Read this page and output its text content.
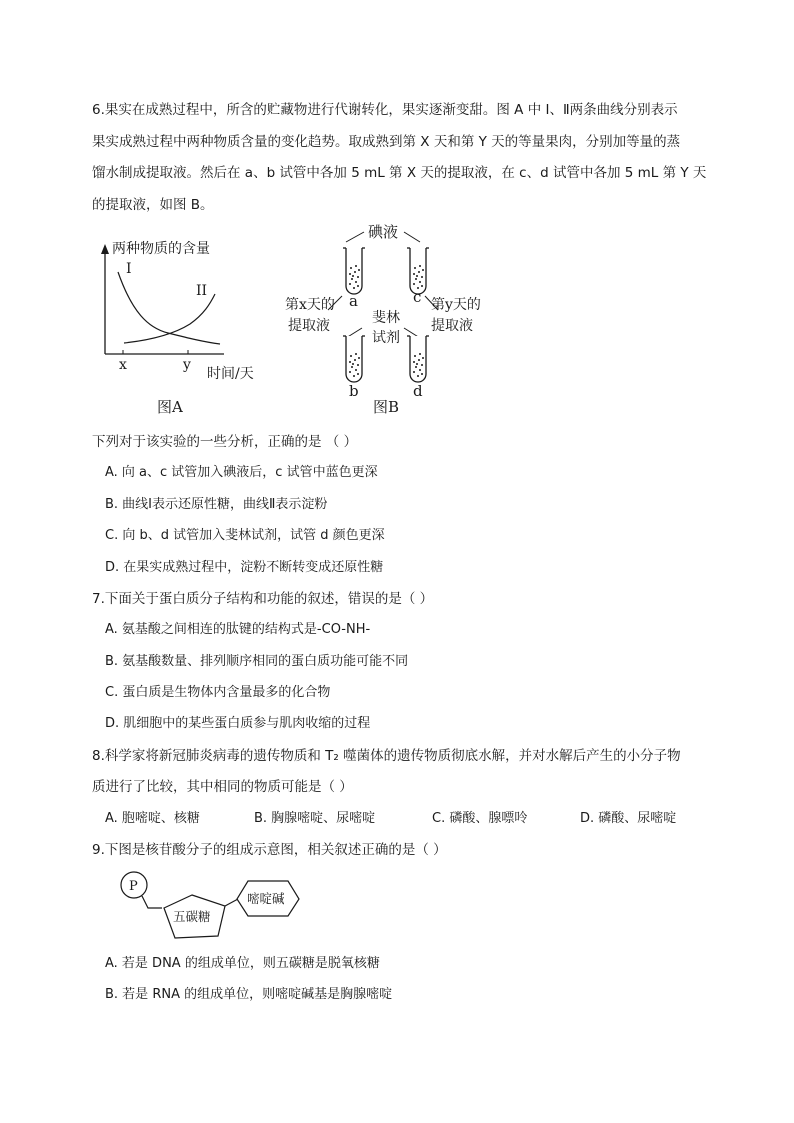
6.果实在成熟过程中，所含的贮藏物进行代谢转化，果实逐渐变甜。图 A 中 Ⅰ、Ⅱ两条曲线分别表示
果实成熟过程中两种物质含量的变化趋势。取成熟到第 X 天和第 Y 天的等量果肉，分别加等量的蒸
馏水制成提取液。然后在 a、b 试管中各加 5 mL 第 X 天的提取液，在 c、d 试管中各加 5 mL 第 Y 天
的提取液，如图 B。
两种物质的含量
I
II
x	y
时间/天
图A
碘液
a	c
b	d
第x天的
提取液
第y天的
提取液
斐林
试剂
图B
下列对于该实验的一些分析，正确的是 （ ）
A. 向 a、c 试管加入碘液后，c 试管中蓝色更深
B. 曲线Ⅰ表示还原性糖，曲线Ⅱ表示淀粉
C. 向 b、d 试管加入斐林试剂，试管 d 颜色更深
D. 在果实成熟过程中，淀粉不断转变成还原性糖
7.下面关于蛋白质分子结构和功能的叙述，错误的是（ ）
A. 氨基酸之间相连的肽键的结构式是-CO-NH-
B. 氨基酸数量、排列顺序相同的蛋白质功能可能不同
C. 蛋白质是生物体内含量最多的化合物
D. 肌细胞中的某些蛋白质参与肌肉收缩的过程
8.科学家将新冠肺炎病毒的遗传物质和 T₂ 噬菌体的遗传物质彻底水解，并对水解后产生的小分子物
质进行了比较，其中相同的物质可能是（ ）
A. 胞嘧啶、核糖	B. 胸腺嘧啶、尿嘧啶	C. 磷酸、腺嘌呤	D. 磷酸、尿嘧啶
9.下图是核苷酸分子的组成示意图，相关叙述正确的是（ ）
P
五碳糖
嘧啶碱
A. 若是 DNA 的组成单位，则五碳糖是脱氧核糖
B. 若是 RNA 的组成单位，则嘧啶碱基是胸腺嘧啶
